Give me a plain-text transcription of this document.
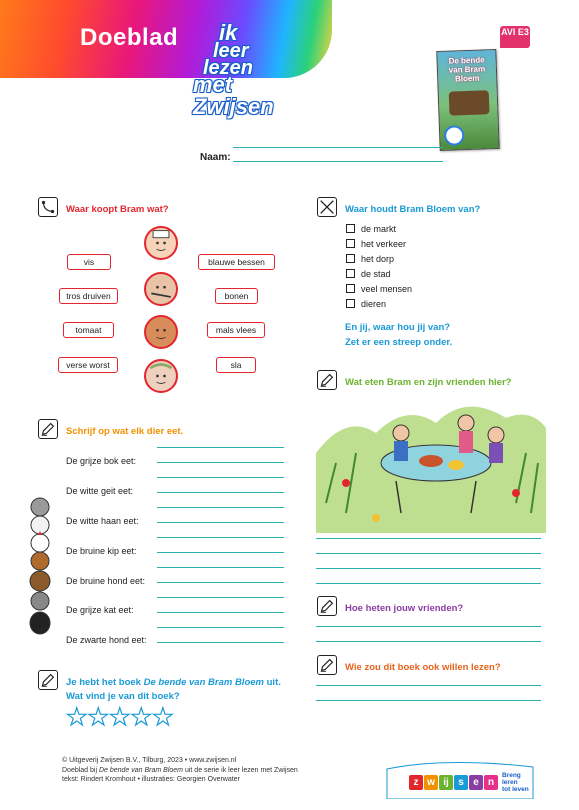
Doeblad ik
leer
lezen
met Zwijsen
De bende van Bram Bloem
AVI E3
Naam:
Waar koopt Bram wat?
vis
tros druiven
tomaat
verse worst
blauwe bessen
bonen
mals vlees
sla
Waar houdt Bram Bloem van?
de markt
het verkeer
het dorp
de stad
veel mensen
dieren
En jij, waar hou jij van?
Zet er een streep onder.
Wat eten Bram en zijn vrienden hier?
Schrijf op wat elk dier eet.
De grijze bok eet:
De witte geit eet:
De witte haan eet:
De bruine kip eet:
De bruine hond eet:
De grijze kat eet:
De zwarte hond eet:
Hoe heten jouw vrienden?
Wie zou dit boek ook willen lezen?
Je hebt het boek De bende van Bram Bloem uit.
Wat vind je van dit boek?
★★★★★
© Uitgeverij Zwijsen B.V., Tilburg, 2023 • www.zwijsen.nl
Doeblad bij De bende van Bram Bloem uit de serie ik leer lezen met Zwijsen
tekst: Rindert Kromhout • illustraties: Georgien Overwater	z w ij s e n
Breng leren
tot leven
